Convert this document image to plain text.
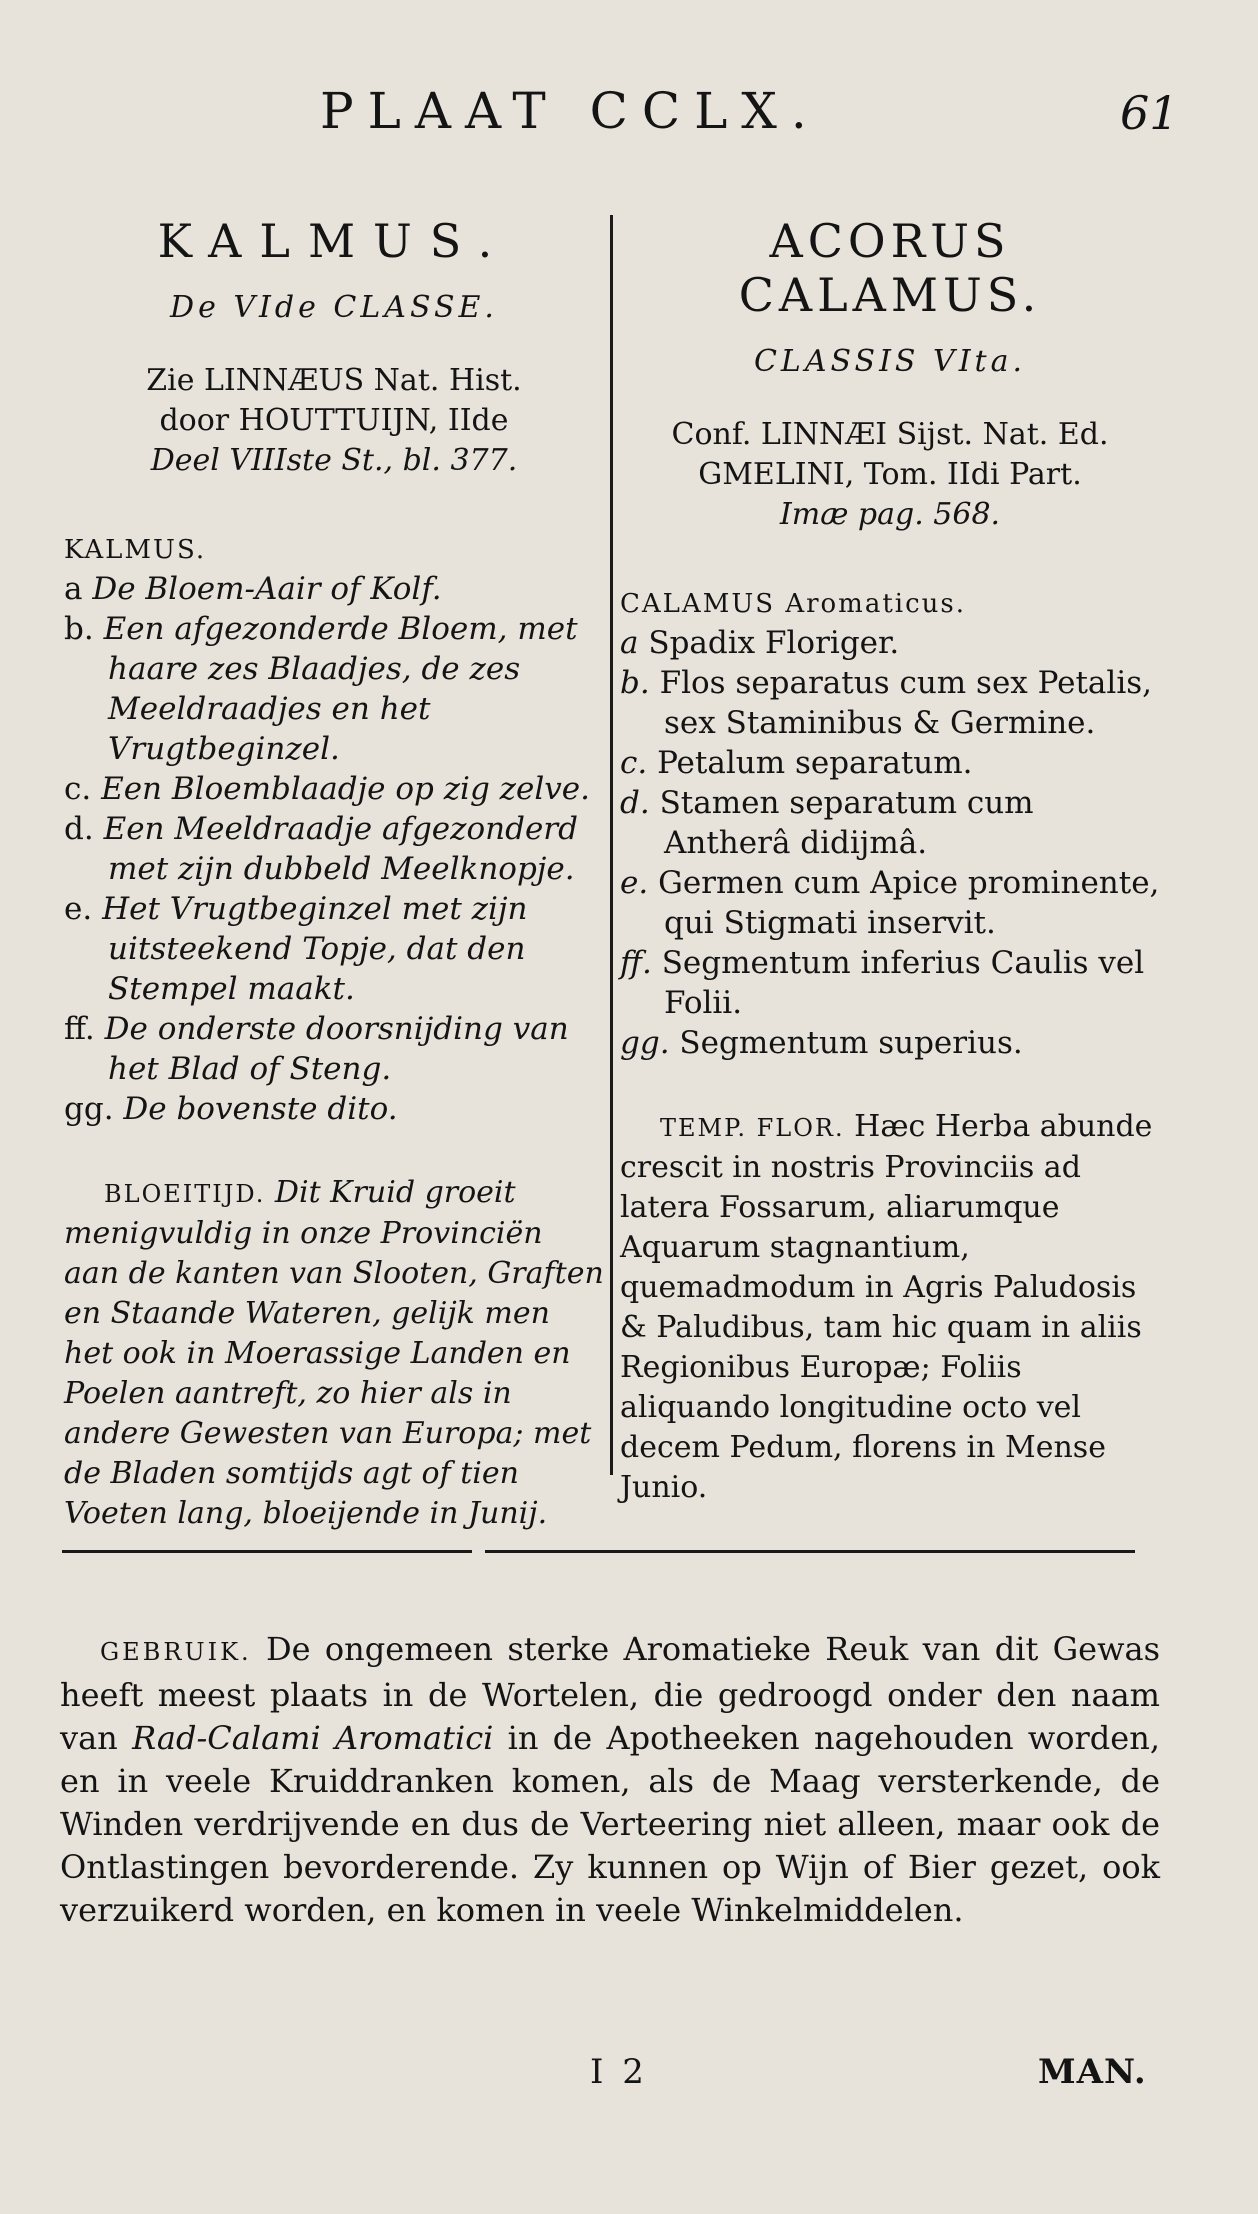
PLAAT CCLX.	61
KALMUS.
De VIde CLASSE.
Zie LINNÆUS Nat. Hist.
door HOUTTUIJN, IIde
Deel VIIIste St., bl. 377.
KALMUS.
a De Bloem-Aair of Kolf.
b. Een afgezonderde Bloem, met haare zes Blaadjes, de zes Meeldraadjes en het Vrugtbeginzel.
c. Een Bloemblaadje op zig zelve.
d. Een Meeldraadje afgezonderd met zijn dubbeld Meelknopje.
e. Het Vrugtbeginzel met zijn uitsteekend Topje, dat den Stempel maakt.
ff. De onderste doorsnijding van het Blad of Steng.
gg. De bovenste dito.
BLOEITIJD. Dit Kruid groeit menigvuldig in onze Provinciën aan de kanten van Slooten, Graften en Staande Wateren, gelijk men het ook in Moerassige Landen en Poelen aantreft, zo hier als in andere Gewesten van Europa; met de Bladen somtijds agt of tien Voeten lang, bloeijende in Junij.
ACORUS CALAMUS.
CLASSIS VIta.
Conf. LINNÆI Sijst. Nat. Ed.
GMELINI, Tom. IIdi Part.
Imæ pag. 568.
CALAMUS Aromaticus.
a Spadix Floriger.
b. Flos separatus cum sex Petalis, sex Staminibus & Germine.
c. Petalum separatum.
d. Stamen separatum cum Antherâ didijmâ.
e. Germen cum Apice prominente, qui Stigmati inservit.
ff. Segmentum inferius Caulis vel Folii.
gg. Segmentum superius.
TEMP. FLOR. Hæc Herba abunde crescit in nostris Provinciis ad latera Fossarum, aliarumque Aquarum stagnantium, quemadmodum in Agris Paludosis & Paludibus, tam hic quam in aliis Regionibus Europæ; Foliis aliquando longitudine octo vel decem Pedum, florens in Mense Junio.
GEBRUIK. De ongemeen sterke Aromatieke Reuk van dit Gewas heeft meest plaats in de Wortelen, die gedroogd onder den naam van Rad-Calami Aromatici in de Apotheeken nagehouden worden, en in veele Kruiddranken komen, als de Maag versterkende, de Winden verdrijvende en dus de Verteering niet alleen, maar ook de Ontlastingen bevorderende. Zy kunnen op Wijn of Bier gezet, ook verzuikerd worden, en komen in veele Winkelmiddelen.
I 2	MAN.
